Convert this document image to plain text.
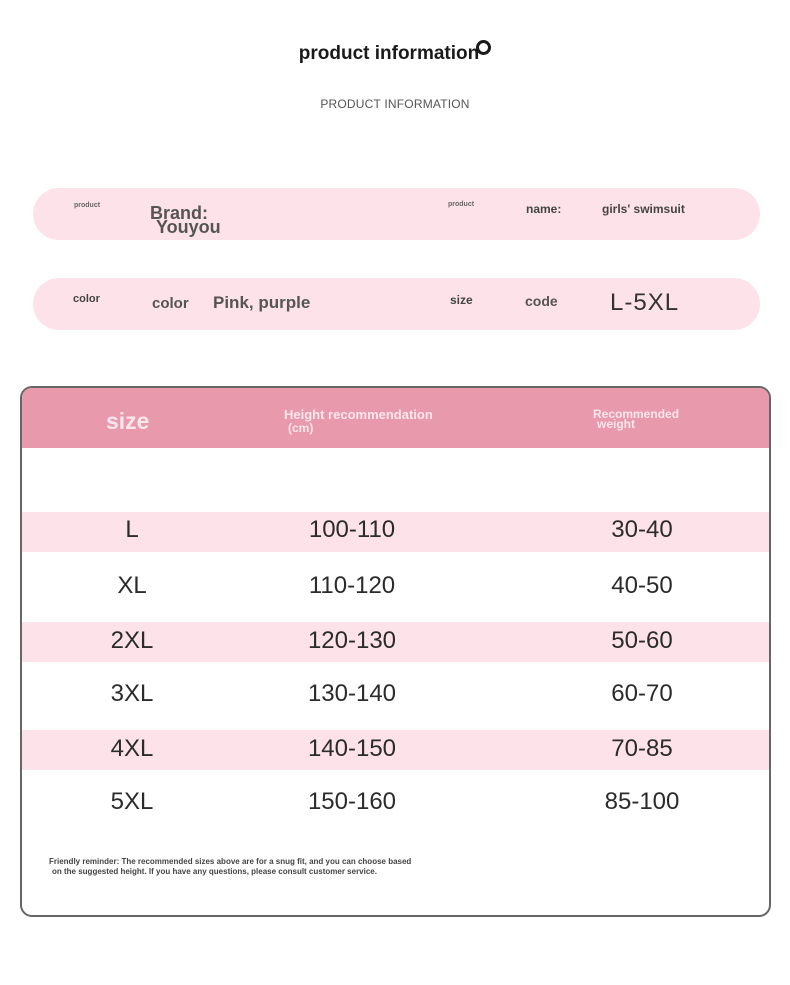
product information
PRODUCT INFORMATION
product	Brand:
Youyou
product	name:	girls' swimsuit
color	color Pink, purple	size	code L-5XL
size	Height recommendation
(cm)
Recommended
weight
L	100-110	30-40
XL	110-120	40-50
2XL	120-130	50-60
3XL	130-140	60-70
4XL	140-150	70-85
5XL	150-160	85-100
Friendly reminder: The recommended sizes above are for a snug fit, and you can choose based
on the suggested height. If you have any questions, please consult customer service.
